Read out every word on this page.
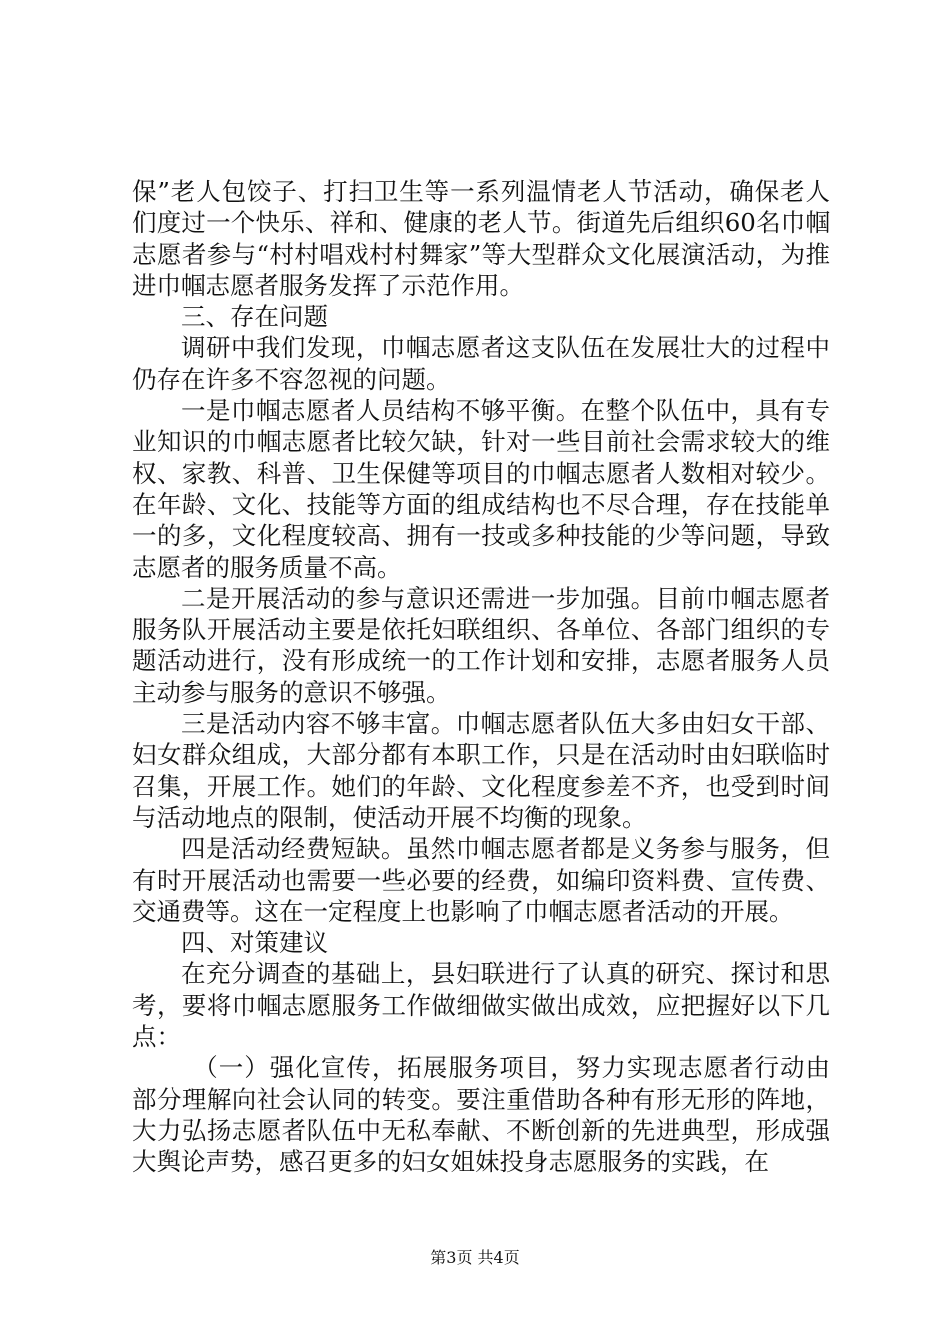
保”老人包饺子、打扫卫生等一系列温情老人节活动，确保老人们度过一个快乐、祥和、健康的老人节。街道先后组织60名巾帼志愿者参与“村村唱戏村村舞家”等大型群众文化展演活动，为推进巾帼志愿者服务发挥了示范作用。

三、存在问题

调研中我们发现，巾帼志愿者这支队伍在发展壮大的过程中仍存在许多不容忽视的问题。

一是巾帼志愿者人员结构不够平衡。在整个队伍中，具有专业知识的巾帼志愿者比较欠缺，针对一些目前社会需求较大的维权、家教、科普、卫生保健等项目的巾帼志愿者人数相对较少。在年龄、文化、技能等方面的组成结构也不尽合理，存在技能单一的多，文化程度较高、拥有一技或多种技能的少等问题，导致志愿者的服务质量不高。

二是开展活动的参与意识还需进一步加强。目前巾帼志愿者服务队开展活动主要是依托妇联组织、各单位、各部门组织的专题活动进行，没有形成统一的工作计划和安排，志愿者服务人员主动参与服务的意识不够强。

三是活动内容不够丰富。巾帼志愿者队伍大多由妇女干部、妇女群众组成，大部分都有本职工作，只是在活动时由妇联临时召集，开展工作。她们的年龄、文化程度参差不齐，也受到时间与活动地点的限制，使活动开展不均衡的现象。

四是活动经费短缺。虽然巾帼志愿者都是义务参与服务，但有时开展活动也需要一些必要的经费，如编印资料费、宣传费、交通费等。这在一定程度上也影响了巾帼志愿者活动的开展。

四、对策建议

在充分调查的基础上，县妇联进行了认真的研究、探讨和思考，要将巾帼志愿服务工作做细做实做出成效，应把握好以下几点：

（一）强化宣传，拓展服务项目，努力实现志愿者行动由部分理解向社会认同的转变。要注重借助各种有形无形的阵地，大力弘扬志愿者队伍中无私奉献、不断创新的先进典型，形成强大舆论声势，感召更多的妇女姐妹投身志愿服务的实践，在

第3页 共4页
